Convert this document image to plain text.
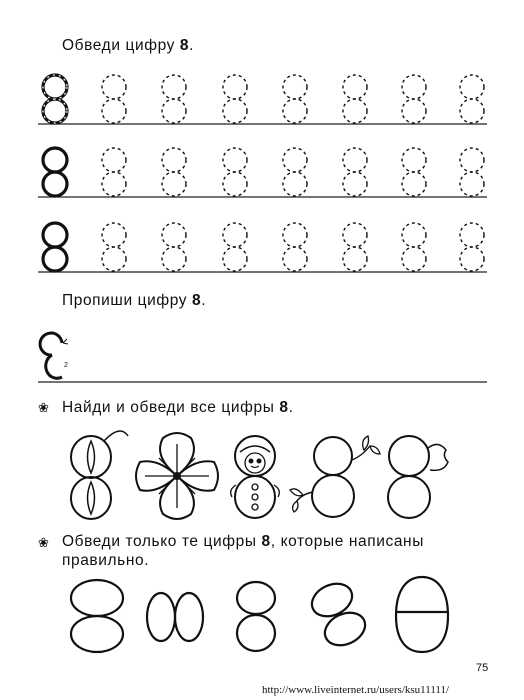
Обведи цифру 8.
Пропиши цифру 8.
❀ Найди и обведи все цифры 8.
❀ Обведи только те цифры 8, которые написаны
правильно.
75
http://www.liveinternet.ru/users/ksu11111/
2
